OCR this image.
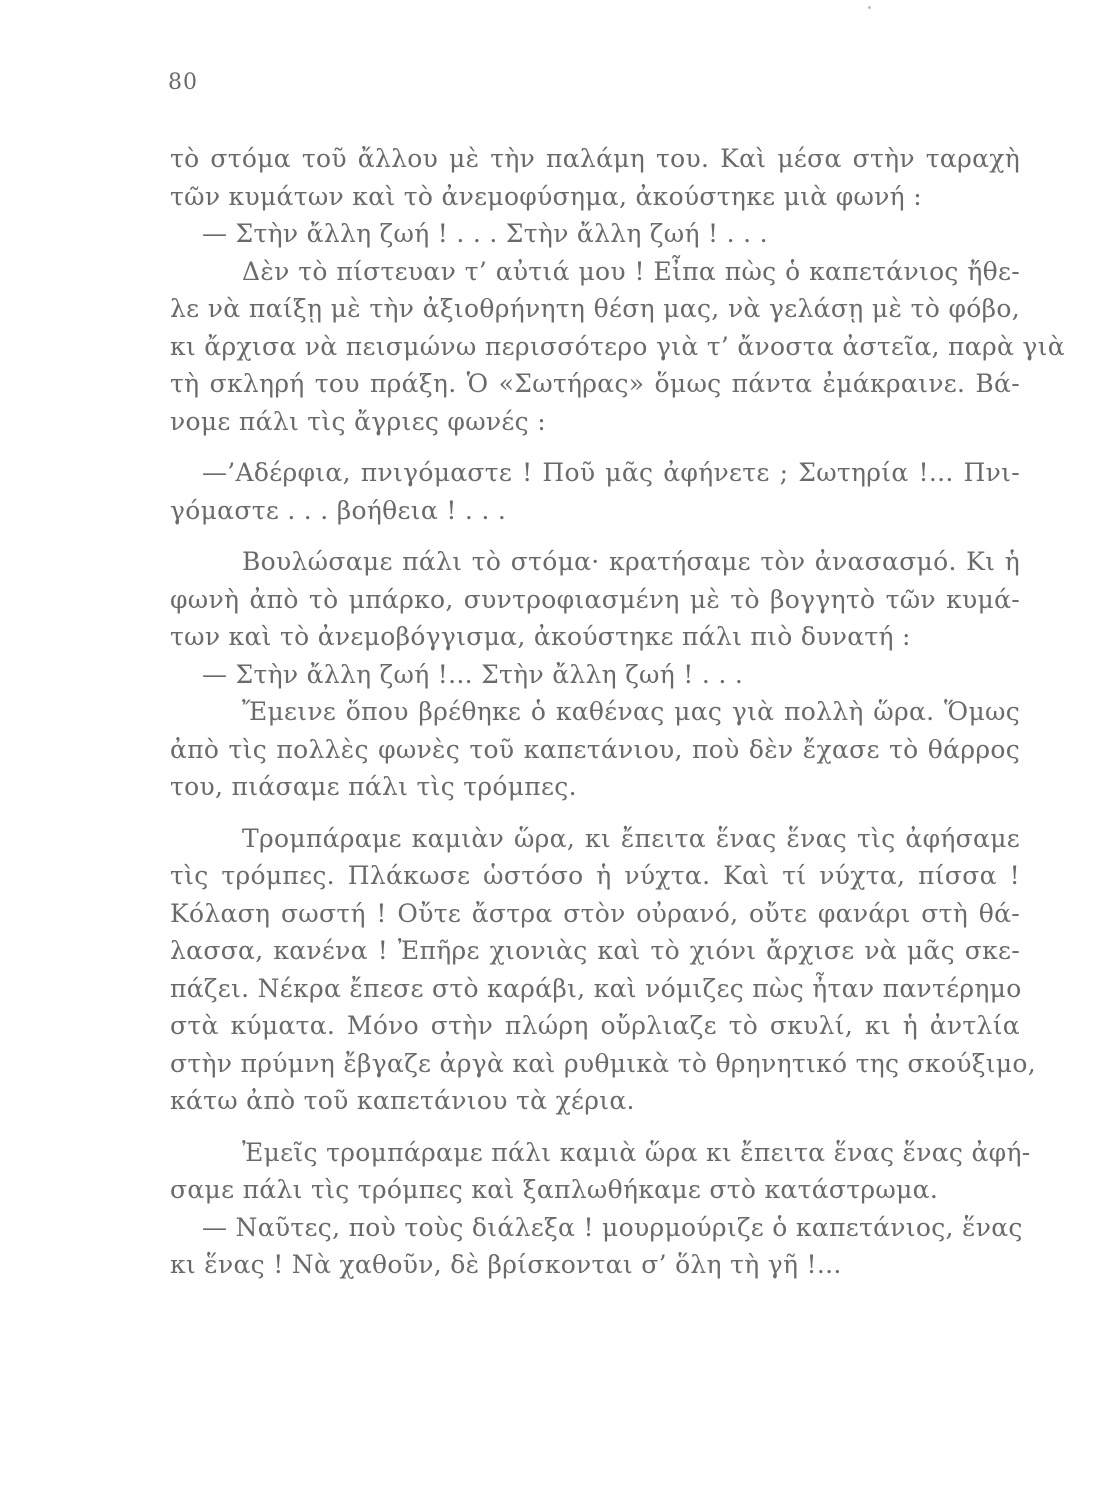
80
τὸ στόμα τοῦ ἄλλου μὲ τὴν παλάμη του. Καὶ μέσα στὴν ταραχὴ
τῶν κυμάτων καὶ τὸ ἀνεμοφύσημα, ἀκούστηκε μιὰ φωνή :
— Στὴν ἄλλη ζωή ! . . . Στὴν ἄλλη ζωή ! . . .
Δὲν τὸ πίστευαν τ’ αὐτιά μου ! Εἶπα πὼς ὁ καπετάνιος ἤθε-
λε νὰ παίξῃ μὲ τὴν ἀξιοθρήνητη θέση μας, νὰ γελάσῃ μὲ τὸ φόβο,
κι ἄρχισα νὰ πεισμώνω περισσότερο γιὰ τ’ ἄνοστα ἀστεῖα, παρὰ γιὰ
τὴ σκληρή του πράξη. Ὁ «Σωτήρας» ὅμως πάντα ἐμάκραινε. Βά-
νομε πάλι τὶς ἄγριες φωνές :
—’Αδέρφια, πνιγόμαστε ! Ποῦ μᾶς ἀφήνετε ; Σωτηρία !... Πνι-
γόμαστε . . . βοήθεια ! . . .
Βουλώσαμε πάλι τὸ στόμα· κρατήσαμε τὸν ἀνασασμό. Κι ἡ
φωνὴ ἀπὸ τὸ μπάρκο, συντροφιασμένη μὲ τὸ βογγητὸ τῶν κυμά-
των καὶ τὸ ἀνεμοβόγγισμα, ἀκούστηκε πάλι πιὸ δυνατή :
— Στὴν ἄλλη ζωή !... Στὴν ἄλλη ζωή ! . . .
Ἔμεινε ὅπου βρέθηκε ὁ καθένας μας γιὰ πολλὴ ὥρα. Ὅμως
ἀπὸ τὶς πολλὲς φωνὲς τοῦ καπετάνιου, ποὺ δὲν ἔχασε τὸ θάρρος
του, πιάσαμε πάλι τὶς τρόμπες.
Τρομπάραμε καμιὰν ὥρα, κι ἔπειτα ἕνας ἕνας τὶς ἀφήσαμε
τὶς τρόμπες. Πλάκωσε ὡστόσο ἡ νύχτα. Καὶ τί νύχτα, πίσσα !
Κόλαση σωστή ! Οὔτε ἄστρα στὸν οὐρανό, οὔτε φανάρι στὴ θά-
λασσα, κανένα ! Ἐπῆρε χιονιὰς καὶ τὸ χιόνι ἄρχισε νὰ μᾶς σκε-
πάζει. Νέκρα ἔπεσε στὸ καράβι, καὶ νόμιζες πὼς ἦταν παντέρημο
στὰ κύματα. Μόνο στὴν πλώρη οὔρλιαζε τὸ σκυλί, κι ἡ ἀντλία
στὴν πρύμνη ἔβγαζε ἀργὰ καὶ ρυθμικὰ τὸ θρηνητικό της σκούξιμο,
κάτω ἀπὸ τοῦ καπετάνιου τὰ χέρια.
Ἐμεῖς τρομπάραμε πάλι καμιὰ ὥρα κι ἔπειτα ἕνας ἕνας ἀφή-
σαμε πάλι τὶς τρόμπες καὶ ξαπλωθήκαμε στὸ κατάστρωμα.
— Ναῦτες, ποὺ τοὺς διάλεξα ! μουρμούριζε ὁ καπετάνιος, ἕνας
κι ἕνας ! Νὰ χαθοῦν, δὲ βρίσκονται σ’ ὅλη τὴ γῆ !...
